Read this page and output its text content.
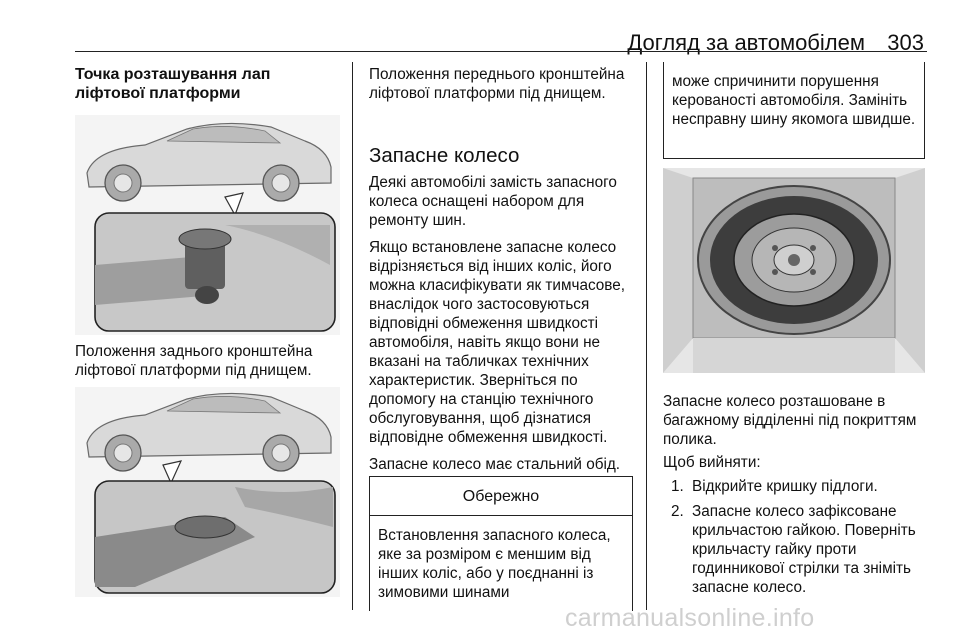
Догляд за автомобілем 303
Точка розташування лап ліфтової платформи
Положення заднього кронштейна ліфтової платформи під днищем.
Положення переднього кронштейна ліфтової платформи під днищем.
Запасне колесо

Деякі автомобілі замість запасного колеса оснащені набором для ремонту шин.

Якщо встановлене запасне колесо відрізняється від інших коліс, його можна класифікувати як тимчасове, внаслідок чого застосовуються відповідні обмеження швидкості автомобіля, навіть якщо вони не вказані на табличках технічних характеристик. Зверніться по допомогу на станцію технічного обслуговування, щоб дізнатися відповідне обмеження швидкості.

Запасне колесо має стальний обід.

Обережно
Встановлення запасного колеса, яке за розміром є меншим від інших коліс, або у поєднанні із зимовими шинами
може спричинити порушення керованості автомобіля. Замініть несправну шину якомога швидше.
Запасне колесо розташоване в багажному відділенні під покриттям полика.
Щоб вийняти:
1. Відкрийте кришку підлоги.
2. Запасне колесо зафіксоване крильчастою гайкою. Поверніть крильчасту гайку проти годинникової стрілки та зніміть запасне колесо.
carmanualsonline.info
